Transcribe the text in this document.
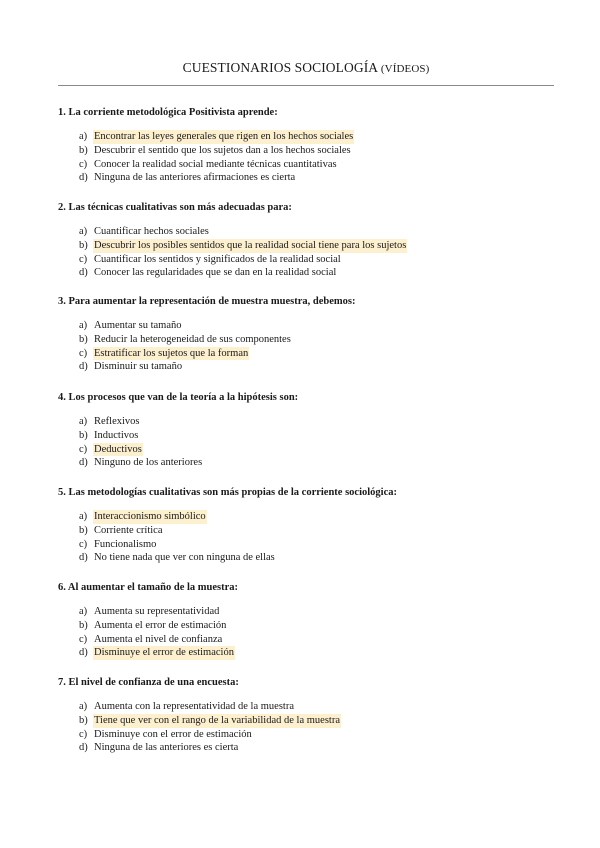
CUESTIONARIOS SOCIOLOGÍA (VÍDEOS)

1. La corriente metodológica Positivista aprende:

a) Encontrar las leyes generales que rigen en los hechos sociales
b) Descubrir el sentido que los sujetos dan a los hechos sociales
c) Conocer la realidad social mediante técnicas cuantitativas
d) Ninguna de las anteriores afirmaciones es cierta

2. Las técnicas cualitativas son más adecuadas para:

a) Cuantificar hechos sociales
b) Descubrir los posibles sentidos que la realidad social tiene para los sujetos
c) Cuantificar los sentidos y significados de la realidad social
d) Conocer las regularidades que se dan en la realidad social

3. Para aumentar la representación de muestra muestra, debemos:

a) Aumentar su tamaño
b) Reducir la heterogeneidad de sus componentes
c) Estratificar los sujetos que la forman
d) Disminuir su tamaño

4. Los procesos que van de la teoría a la hipótesis son:

a) Reflexivos
b) Inductivos
c) Deductivos
d) Ninguno de los anteriores

5. Las metodologías cualitativas son más propias de la corriente sociológica:

a) Interaccionismo simbólico
b) Corriente crítica
c) Funcionalismo
d) No tiene nada que ver con ninguna de ellas

6. Al aumentar el tamaño de la muestra:

a) Aumenta su representatividad
b) Aumenta el error de estimación
c) Aumenta el nivel de confianza
d) Disminuye el error de estimación

7. El nivel de confianza de una encuesta:

a) Aumenta con la representatividad de la muestra
b) Tiene que ver con el rango de la variabilidad de la muestra
c) Disminuye con el error de estimación
d) Ninguna de las anteriores es cierta
